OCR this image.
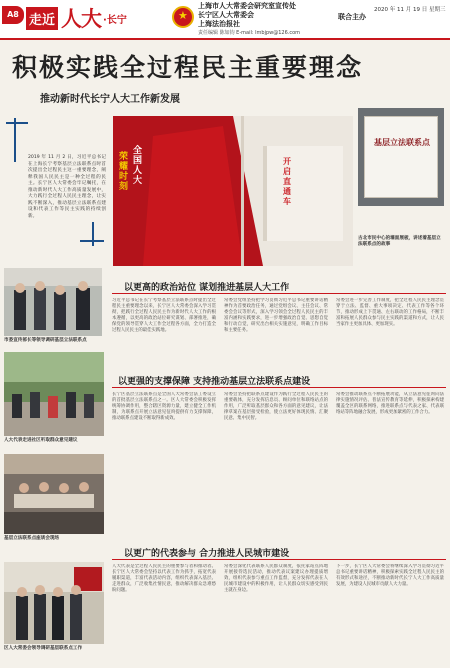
A8 走近 人大 ·长宁
★
上海市人大常委会研究室宣传处
长宁区人大常委会
上海法治报社
责任编辑 陈如钧 E-mail: lmbjpw@126.com
联合主办
2020 年 11 月 19 日 星期三
积极实践全过程民主重要理念
推动新时代长宁人大工作新发展
2019 年 11 月 2 日，习近平总书记在上海长宁考察基层立法联系点时首次提出全过程民主这一重要理念，阐释我国人民民主是一种全过程的民主。长宁区人大常委会牢记嘱托，在推动新时代人大工作高质量发展中，大力践行全过程人民民主理念，让实践不断深入，推动基层立法联系点建设和代表工作等民主实践的持续创新。
荣耀时刻
全国人大
开启直通车
基层立法联系点
古北市民中心的墙面展板，讲述着基层立法联系点的故事
市委宣传部长等领导调研基层立法联系点
人大代表走进社区听取群众意见建议
基层立法联系点座谈会现场
区人大常委会领导调研基层联系点工作
以更高的政治站位 谋划推进基层人大工作
习近平总书记在长宁考察基层立法联系点时提出全过程民主重要理念以来，长宁区人大常委会深入学习贯彻，把践行全过程人民民主作为新时代人大工作的根本遵循，以更高的政治站位研究谋划、部署推进，确保党的领导贯穿人大工作全过程各方面，全力打造全过程人民民主的最佳实践地。
常委会党组坚持把学习贯彻习近平总书记重要讲话精神作为首要政治任务，通过党组会议、主任会议、常委会会议等形式，深入学习领会全过程人民民主的丰富内涵和实践要求，进一步增强政治自觉、思想自觉和行动自觉，研究出台相关实施意见，明确工作目标和主要任务。
常委会进一步完善工作制度，把全过程人民民主理念贯穿于立法、监督、重大事项决定、代表工作等各个环节，推动形成上下贯通、左右联动的工作格局，不断丰富和拓展人民群众参与民主实践的渠道和方式，让人民当家作主更加具体、更加现实。
以更强的支撑保障 支持推动基层立法联系点建设
长宁区基层立法联系点是全国人大常委会法工委设立的首批基层立法联系点之一。区人大常委会积极发挥统筹协调作用，整合辖区资源力量，建立健全工作机制，为联系点开展立法意见征询提供有力支撑保障，推动联系点建设不断取得新成效。
常委会坚持把联系点建设作为践行全过程人民民主的重要载体，充分发挥信息员、顾问单位和联络站点的作用，广泛听取基层群众和各方面的意见建议，让法律草案在基层接受检验，使立法更好体现民情、汇聚民意、集中民智。
常委会推动联系点不断拓展功能，从立法意见征询向法律实施情况评估、普法宣传教育等延伸，积极探索构建覆盖全区的联系网络，推进联系点与代表之家、代表联络站等阵地融合发展，形成更加紧密的工作合力。
以更广的代表参与 合力推进人民城市建设
人大代表是全过程人民民主的重要参与者和推动者。长宁区人大常委会坚持以代表工作为抓手，拓宽代表履职渠道，丰富代表活动内容，组织代表深入基层、走进群众，广泛收集社情民意，推动解决群众急难愁盼问题。
常委会深化代表联系人民群众制度，依托家站点阵地开展接待选民活动，推动代表议案建议办理提质增效，组织代表参与重点工作监督，充分发挥代表在人民城市建设中的积极作用，让人民群众切实感受到民主就在身边。
下一步，长宁区人大常委会将继续深入学习贯彻习近平总书记重要讲话精神，积极探索实践全过程人民民主的有效形式和途径，不断推动新时代长宁人大工作高质量发展，为建设人民城市贡献人大力量。
